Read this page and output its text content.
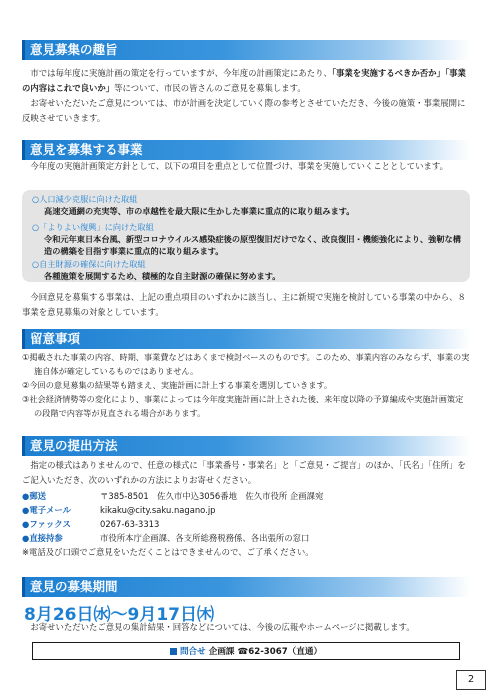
意見募集の趣旨
　市では毎年度に実施計画の策定を行っていますが、今年度の計画策定にあたり、「事業を実施するべきか否か」「事業の内容はこれで良いか」等について、市民の皆さんのご意見を募集します。
　お寄せいただいたご意見については、市が計画を決定していく際の参考とさせていただき、今後の施策・事業展開に反映させていきます。
意見を募集する事業
　今年度の実施計画策定方針として、以下の項目を重点として位置づけ、事業を実施していくこととしています。
○人口減少克服に向けた取組
高速交通網の充実等、市の卓越性を最大限に生かした事業に重点的に取り組みます。
○「よりよい復興」に向けた取組
令和元年東日本台風、新型コロナウイルス感染症後の原型復旧だけでなく、改良復旧・機能強化により、強靭な構造の構築を目指す事業に重点的に取り組みます。
○自主財源の確保に向けた取組
各種施策を展開するため、積極的な自主財源の確保に努めます。
　今回意見を募集する事業は、上記の重点項目のいずれかに該当し、主に新規で実施を検討している事業の中から、８事業を意見募集の対象としています。
留意事項
①掲載された事業の内容、時期、事業費などはあくまで検討ベースのものです。このため、事業内容のみならず、事業の実施自体が確定しているものではありません。
②今回の意見募集の結果等も踏まえ、実施計画に計上する事業を選別していきます。
③社会経済情勢等の変化により、事業によっては今年度実施計画に計上された後、来年度以降の予算編成や実施計画策定の段階で内容等が見直される場合があります。
意見の提出方法
　指定の様式はありませんので、任意の様式に「事業番号・事業名」と「ご意見・ご提言」のほか、「氏名」「住所」をご記入いただき、次のいずれかの方法によりお寄せください。
●郵送	〒385-8501　佐久市中込3056番地　佐久市役所 企画課宛
●電子メール	kikaku@city.saku.nagano.jp
●ファックス	0267-63-3313
●直接持参	市役所本庁企画課、各支所総務税務係、各出張所の窓口
※電話及び口頭でご意見をいただくことはできませんので、ご了承ください。
意見の募集期間
8月26日㈬～9月17日㈭
　お寄せいただいたご意見の集計結果・回答などについては、今後の広報やホームページに掲載します。
問合せ 企画課 ☎62-3067（直通）
2
